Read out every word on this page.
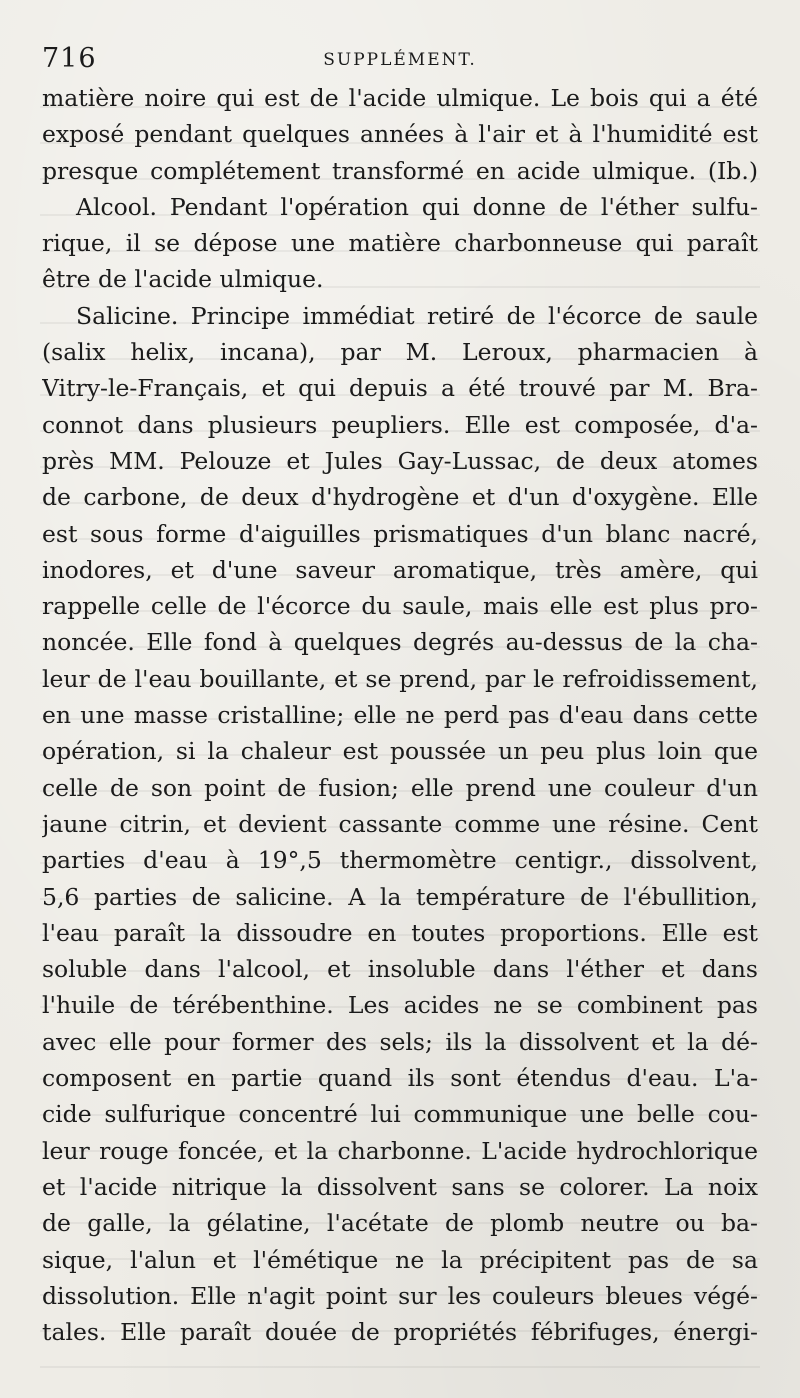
716	SUPPLÉMENT.
matière noire qui est de l'acide ulmique. Le bois qui a été
exposé pendant quelques années à l'air et à l'humidité est
presque complétement transformé en acide ulmique. (Ib.)
Alcool. Pendant l'opération qui donne de l'éther sulfu-
rique, il se dépose une matière charbonneuse qui paraît
être de l'acide ulmique.
Salicine. Principe immédiat retiré de l'écorce de saule
(salix helix, incana), par M. Leroux, pharmacien à
Vitry-le-Français, et qui depuis a été trouvé par M. Bra-
connot dans plusieurs peupliers. Elle est composée, d'a-
près MM. Pelouze et Jules Gay-Lussac, de deux atomes
de carbone, de deux d'hydrogène et d'un d'oxygène. Elle
est sous forme d'aiguilles prismatiques d'un blanc nacré,
inodores, et d'une saveur aromatique, très amère, qui
rappelle celle de l'écorce du saule, mais elle est plus pro-
noncée. Elle fond à quelques degrés au-dessus de la cha-
leur de l'eau bouillante, et se prend, par le refroidissement,
en une masse cristalline; elle ne perd pas d'eau dans cette
opération, si la chaleur est poussée un peu plus loin que
celle de son point de fusion; elle prend une couleur d'un
jaune citrin, et devient cassante comme une résine. Cent
parties d'eau à 19°,5 thermomètre centigr., dissolvent,
5,6 parties de salicine. A la température de l'ébullition,
l'eau paraît la dissoudre en toutes proportions. Elle est
soluble dans l'alcool, et insoluble dans l'éther et dans
l'huile de térébenthine. Les acides ne se combinent pas
avec elle pour former des sels; ils la dissolvent et la dé-
composent en partie quand ils sont étendus d'eau. L'a-
cide sulfurique concentré lui communique une belle cou-
leur rouge foncée, et la charbonne. L'acide hydrochlorique
et l'acide nitrique la dissolvent sans se colorer. La noix
de galle, la gélatine, l'acétate de plomb neutre ou ba-
sique, l'alun et l'émétique ne la précipitent pas de sa
dissolution. Elle n'agit point sur les couleurs bleues végé-
tales. Elle paraît douée de propriétés fébrifuges, énergi-
